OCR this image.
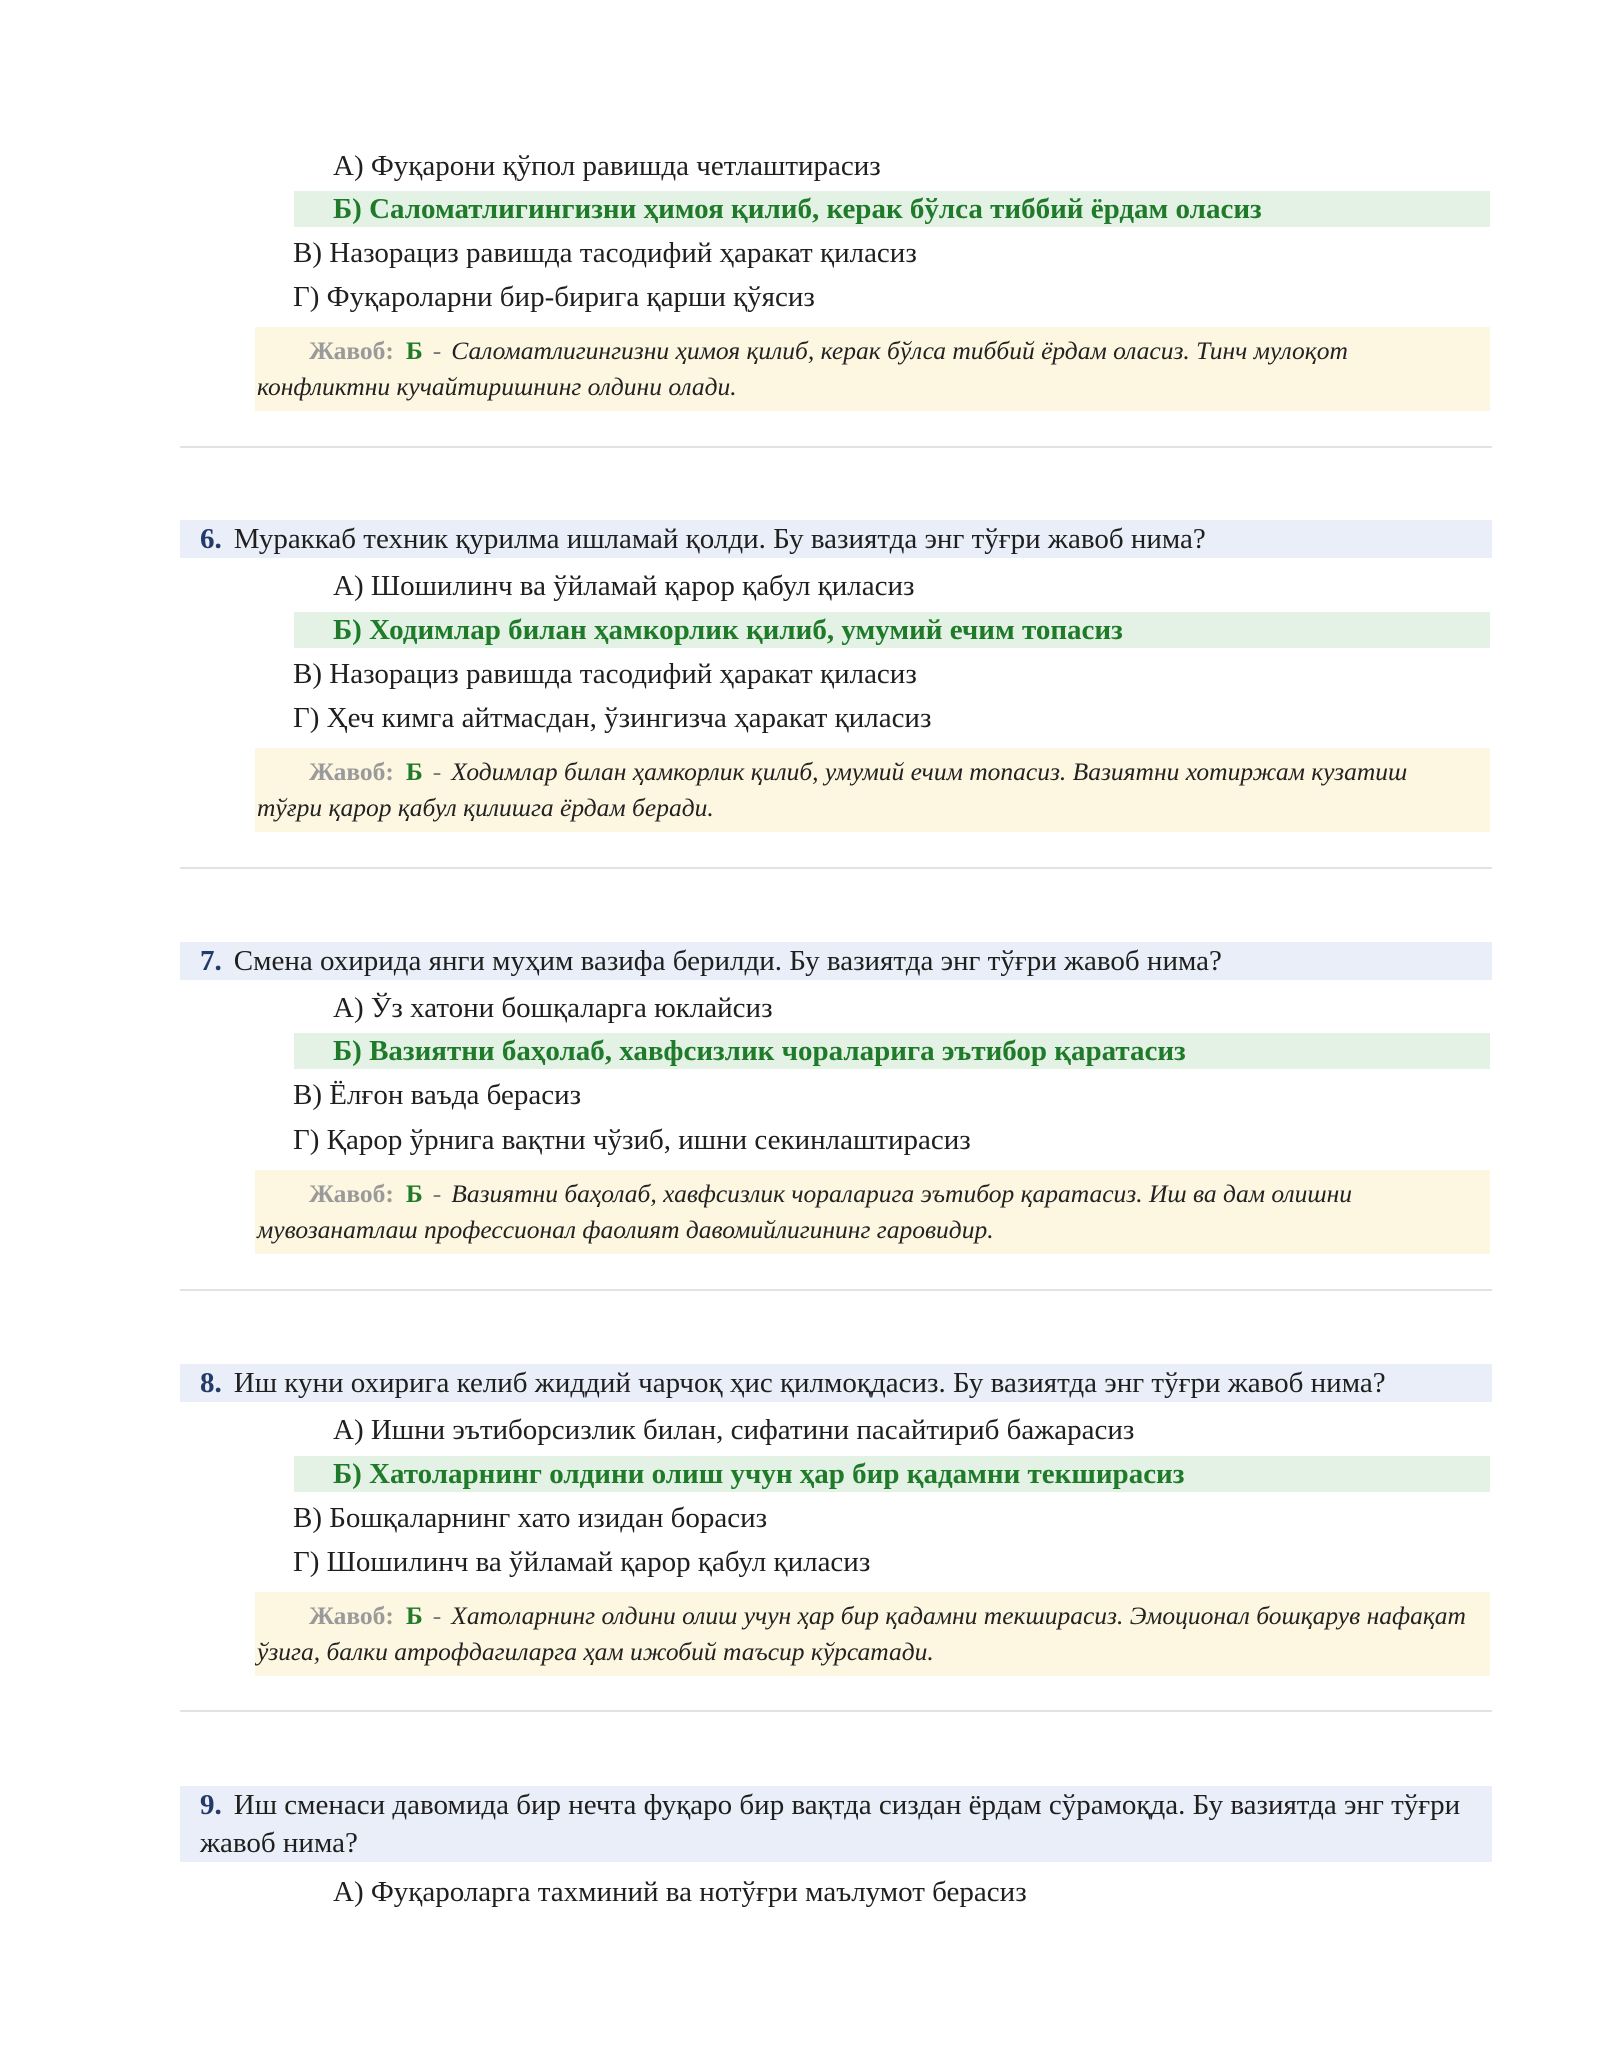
А) Фуқарони қўпол равишда четлаштирасиз
Б) Саломатлигингизни ҳимоя қилиб, керак бўлса тиббий ёрдам оласиз
В) Назорациз равишда тасодифий ҳаракат қиласиз
Г) Фуқароларни бир-бирига қарши қўясиз
Жавоб: Б - Саломатлигингизни ҳимоя қилиб, керак бўлса тиббий ёрдам оласиз. Тинч мулоқот конфликтни кучайтиришнинг олдини олади.
6. Мураккаб техник қурилма ишламай қолди. Бу вазиятда энг тўғри жавоб нима?
А) Шошилинч ва ўйламай қарор қабул қиласиз
Б) Ходимлар билан ҳамкорлик қилиб, умумий ечим топасиз
В) Назорациз равишда тасодифий ҳаракат қиласиз
Г) Ҳеч кимга айтмасдан, ўзингизча ҳаракат қиласиз
Жавоб: Б - Ходимлар билан ҳамкорлик қилиб, умумий ечим топасиз. Вазиятни хотиржам кузатиш тўғри қарор қабул қилишга ёрдам беради.
7. Смена охирида янги муҳим вазифа берилди. Бу вазиятда энг тўғри жавоб нима?
А) Ўз хатони бошқаларга юклайсиз
Б) Вазиятни баҳолаб, хавфсизлик чораларига эътибор қаратасиз
В) Ёлғон ваъда берасиз
Г) Қарор ўрнига вақтни чўзиб, ишни секинлаштирасиз
Жавоб: Б - Вазиятни баҳолаб, хавфсизлик чораларига эътибор қаратасиз. Иш ва дам олишни мувозанатлаш профессионал фаолият давомийлигининг гаровидир.
8. Иш куни охирига келиб жиддий чарчоқ ҳис қилмоқдасиз. Бу вазиятда энг тўғри жавоб нима?
А) Ишни эътиборсизлик билан, сифатини пасайтириб бажарасиз
Б) Хатоларнинг олдини олиш учун ҳар бир қадамни текширасиз
В) Бошқаларнинг хато изидан борасиз
Г) Шошилинч ва ўйламай қарор қабул қиласиз
Жавоб: Б - Хатоларнинг олдини олиш учун ҳар бир қадамни текширасиз. Эмоционал бошқарув нафақат ўзига, балки атрофдагиларга ҳам ижобий таъсир кўрсатади.
9. Иш сменаси давомида бир нечта фуқаро бир вақтда сиздан ёрдам сўрамоқда. Бу вазиятда энг тўғри жавоб нима?
А) Фуқароларга тахминий ва нотўғри маълумот берасиз
